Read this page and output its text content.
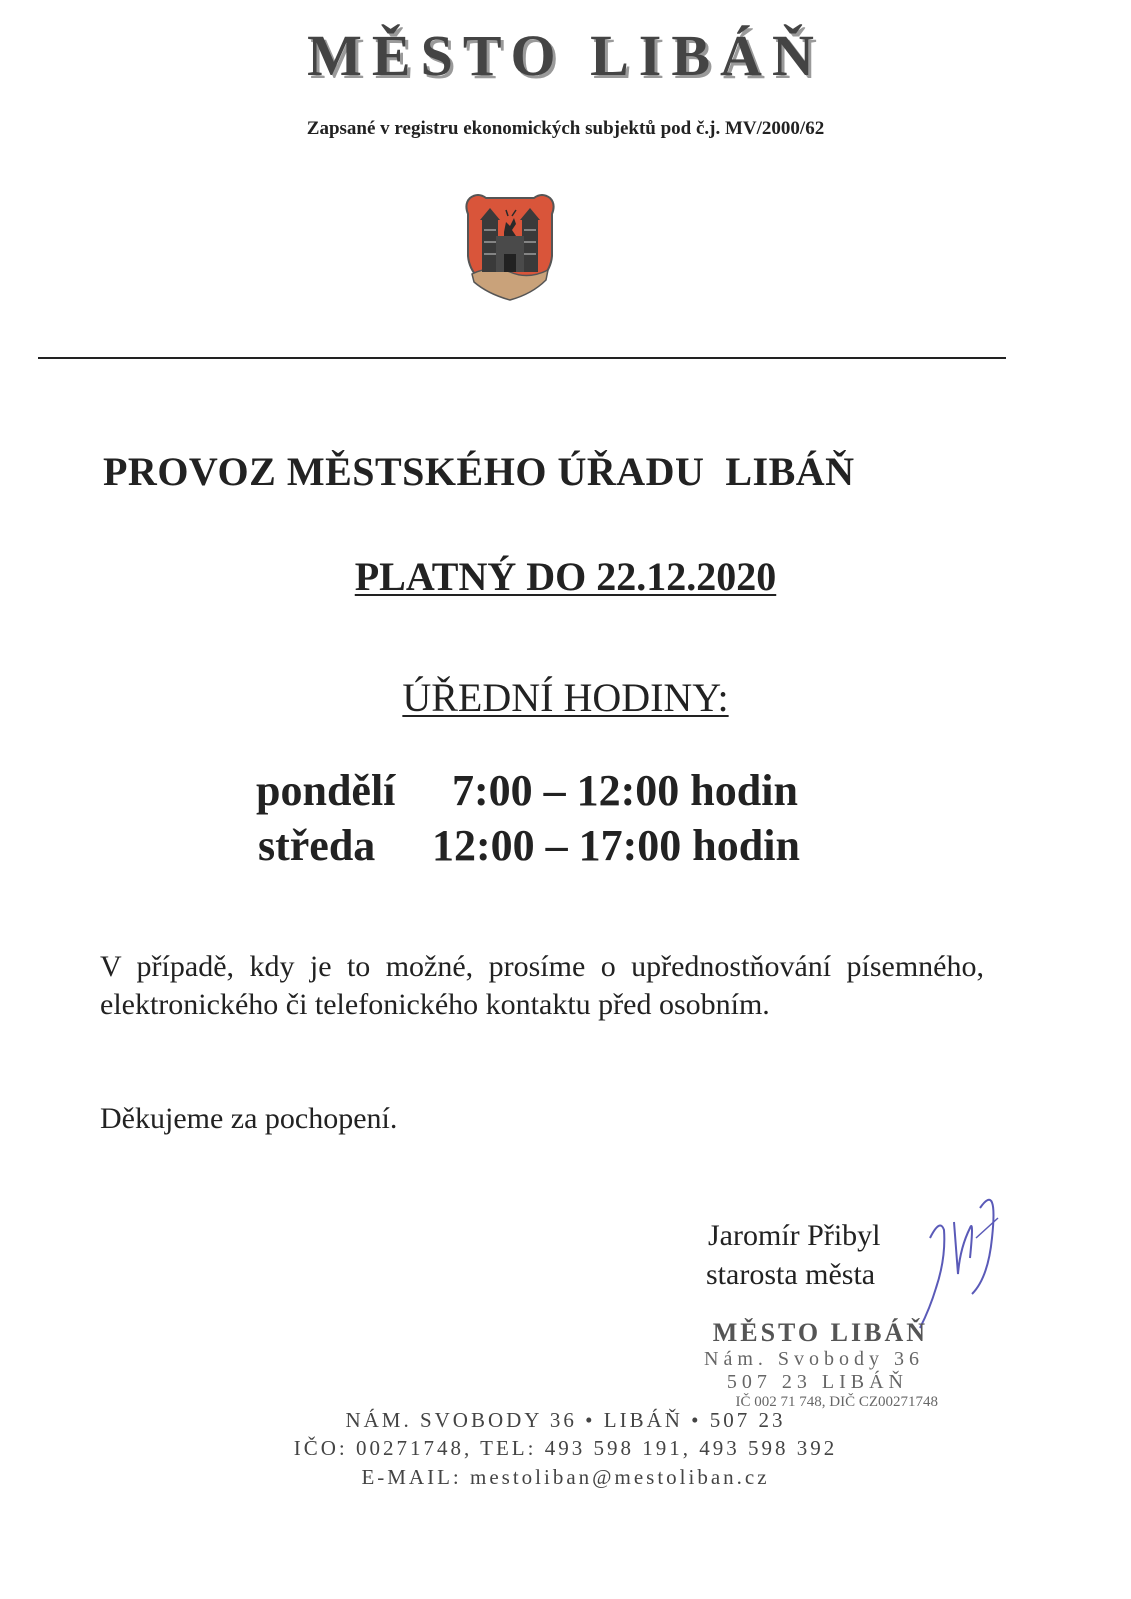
MĚSTO LIBÁŇ
Zapsané v registru ekonomických subjektů pod č.j. MV/2000/62
PROVOZ MĚSTSKÉHO ÚŘADU  LIBÁŇ
PLATNÝ DO 22.12.2020
ÚŘEDNÍ HODINY:
pondělí 7:00 – 12:00 hodin
středa 12:00 – 17:00 hodin
V případě, kdy je to možné, prosíme o upřednostňování písemného, elektronického či telefonického kontaktu před osobním.
Děkujeme za pochopení.
Jaromír Přibyl
starosta města
MĚSTO LIBÁŇ
Nám. Svobody 36
507 23 LIBÁŇ
IČ 002 71 748, DIČ CZ00271748
NÁM. SVOBODY 36 • LIBÁŇ • 507 23
IČO: 00271748, TEL: 493 598 191, 493 598 392
E-MAIL: mestoliban@mestoliban.cz
